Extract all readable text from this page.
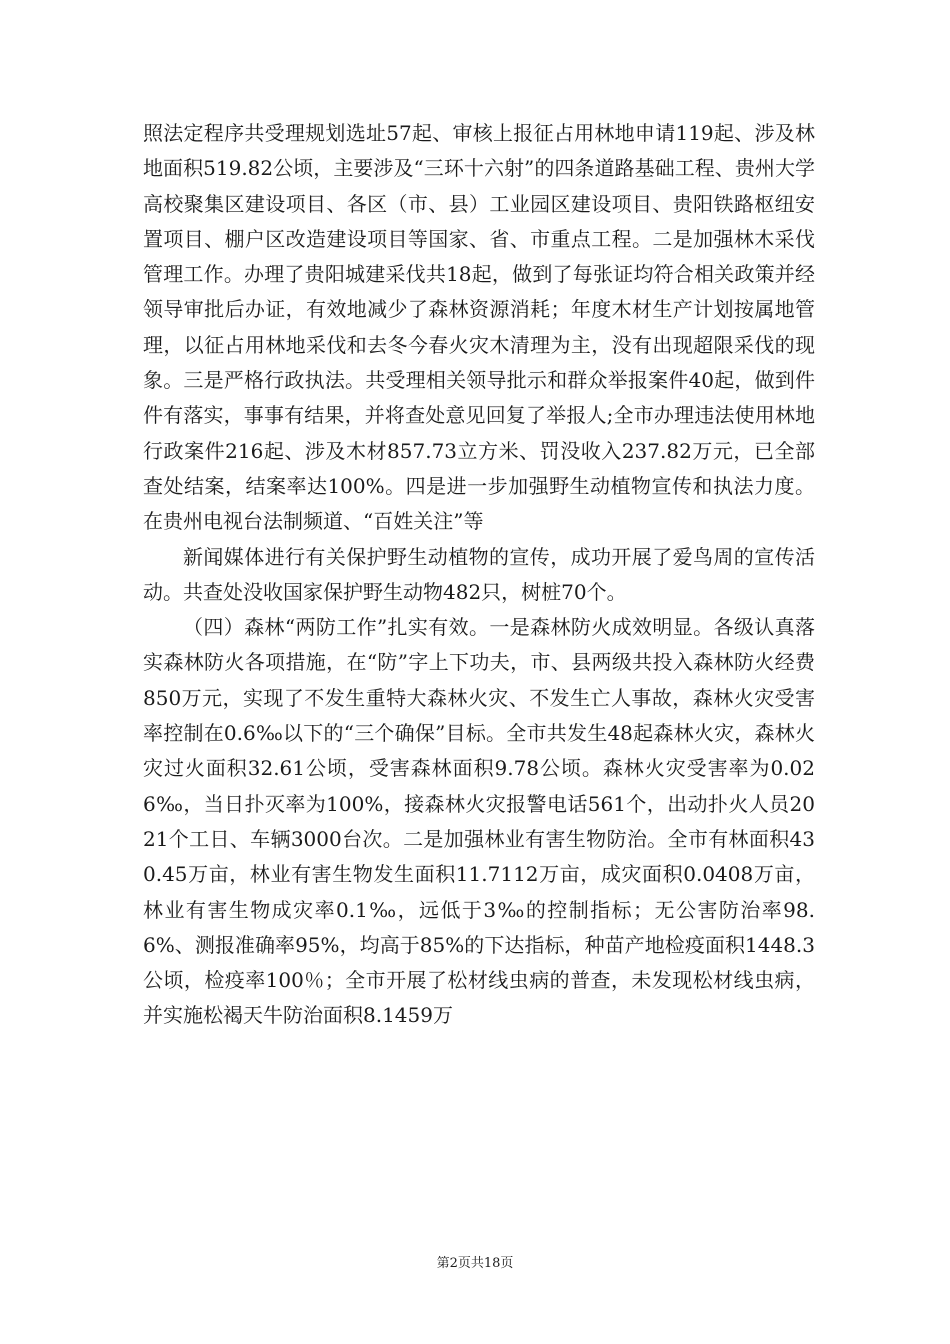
照法定程序共受理规划选址57起、审核上报征占用林地申请119起、涉及林地面积519.82公顷，主要涉及“三环十六射”的四条道路基础工程、贵州大学高校聚集区建设项目、各区（市、县）工业园区建设项目、贵阳铁路枢纽安置项目、棚户区改造建设项目等国家、省、市重点工程。二是加强林木采伐管理工作。办理了贵阳城建采伐共18起，做到了每张证均符合相关政策并经领导审批后办证，有效地减少了森林资源消耗；年度木材生产计划按属地管理，以征占用林地采伐和去冬今春火灾木清理为主，没有出现超限采伐的现象。三是严格行政执法。共受理相关领导批示和群众举报案件40起，做到件件有落实，事事有结果，并将查处意见回复了举报人;全市办理违法使用林地行政案件216起、涉及木材857.73立方米、罚没收入237.82万元，已全部查处结案，结案率达100%。四是进一步加强野生动植物宣传和执法力度。在贵州电视台法制频道、“百姓关注”等

新闻媒体进行有关保护野生动植物的宣传，成功开展了爱鸟周的宣传活动。共查处没收国家保护野生动物482只，树桩70个。

（四）森林“两防工作”扎实有效。一是森林防火成效明显。各级认真落实森林防火各项措施，在“防”字上下功夫，市、县两级共投入森林防火经费850万元，实现了不发生重特大森林火灾、不发生亡人事故，森林火灾受害率控制在0.6‰以下的“三个确保”目标。全市共发生48起森林火灾，森林火灾过火面积32.61公顷，受害森林面积9.78公顷。森林火灾受害率为0.026‰，当日扑灭率为100%，接森林火灾报警电话561个，出动扑火人员2021个工日、车辆3000台次。二是加强林业有害生物防治。全市有林面积430.45万亩，林业有害生物发生面积11.7112万亩，成灾面积0.0408万亩，林业有害生物成灾率0.1‰，远低于3‰的控制指标；无公害防治率98.6%、测报准确率95%，均高于85%的下达指标，种苗产地检疫面积1448.3公顷，检疫率100％；全市开展了松材线虫病的普查，未发现松材线虫病，并实施松褐天牛防治面积8.1459万

第2页共18页
